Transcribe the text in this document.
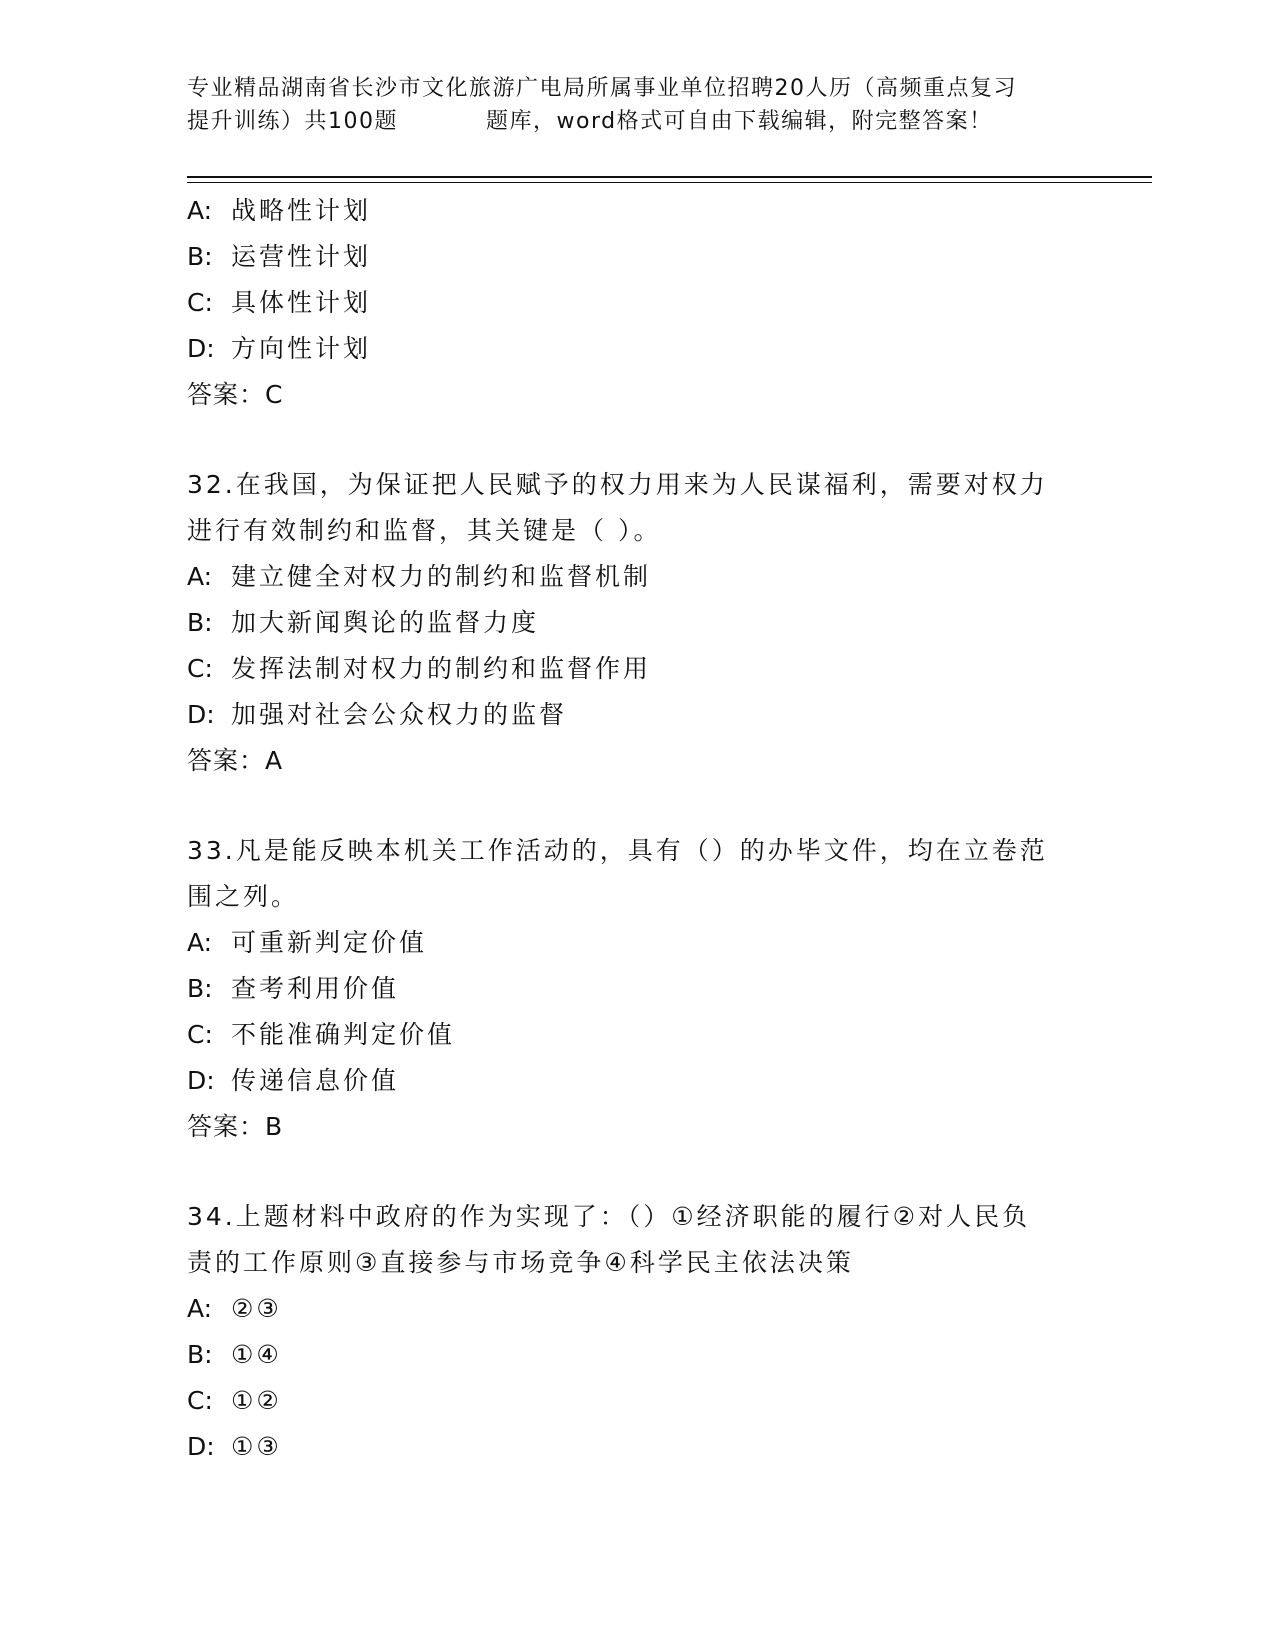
专业精品湖南省长沙市文化旅游广电局所属事业单位招聘20人历（高频重点复习
提升训练）共100题	题库，word格式可自由下载编辑，附完整答案！
A: 战略性计划
B: 运营性计划
C: 具体性计划
D: 方向性计划
答案：C
32.在我国，为保证把人民赋予的权力用来为人民谋福利，需要对权力
进行有效制约和监督，其关键是（ ）。
A: 建立健全对权力的制约和监督机制
B: 加大新闻舆论的监督力度
C: 发挥法制对权力的制约和监督作用
D: 加强对社会公众权力的监督
答案：A
33.凡是能反映本机关工作活动的，具有（）的办毕文件，均在立卷范
围之列。
A: 可重新判定价值
B: 查考利用价值
C: 不能准确判定价值
D: 传递信息价值
答案：B
34.上题材料中政府的作为实现了：（）①经济职能的履行②对人民负
责的工作原则③直接参与市场竞争④科学民主依法决策
A: ②③
B: ①④
C: ①②
D: ①③
